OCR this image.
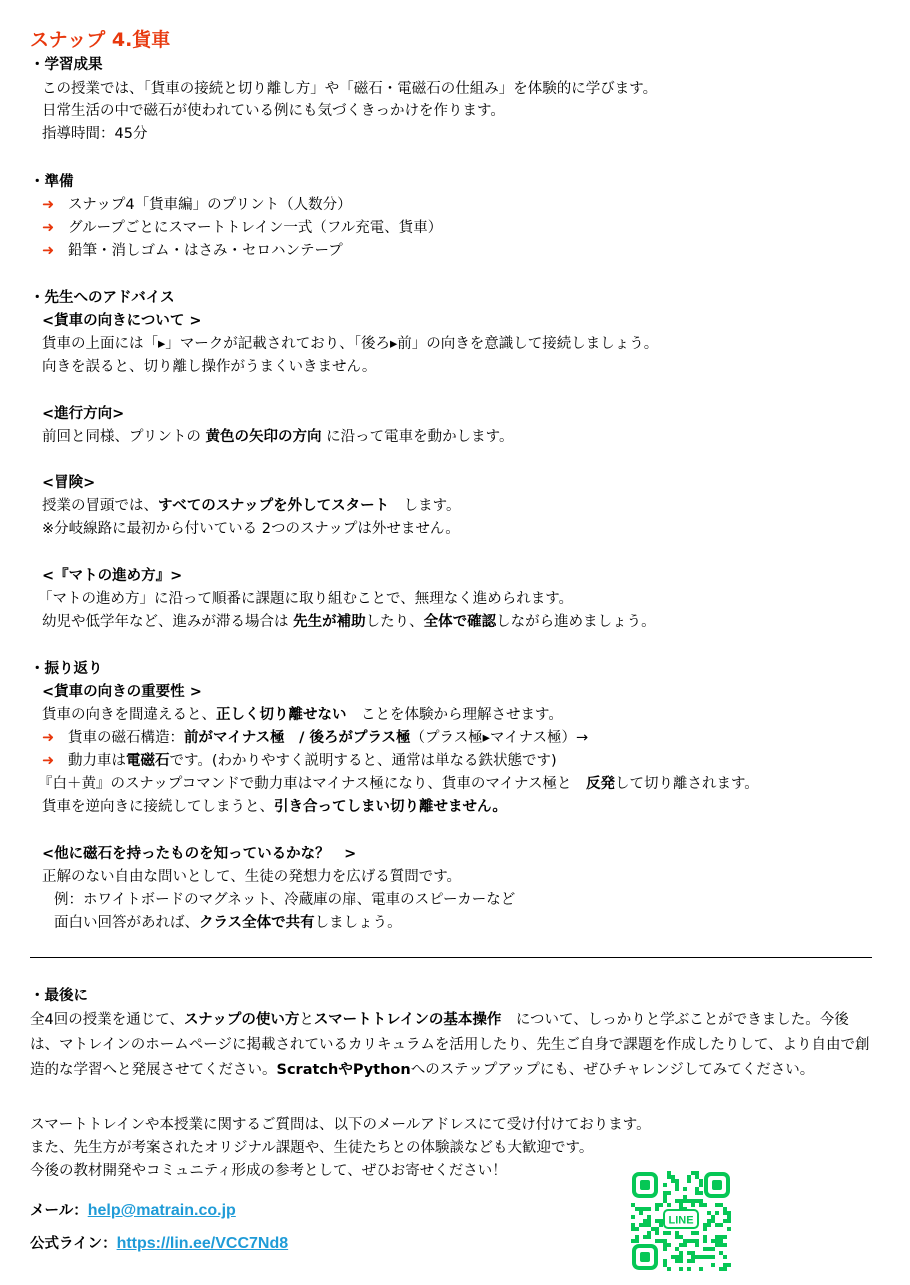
スナップ 4.貨車
・学習成果
この授業では、「貨車の接続と切り離し方」や「磁石・電磁石の仕組み」を体験的に学びます。
日常生活の中で磁石が使われている例にも気づくきっかけを作ります。
指導時間：45分
・準備
➜ スナップ4「貨車編」のプリント（人数分）
➜ グループごとにスマートトレイン一式（フル充電、貨車）
➜ 鉛筆・消しゴム・はさみ・セロハンテープ
・先生へのアドバイス
<貨車の向きについて >
貨車の上面には「▸」マークが記載されており、「後ろ▸前」の向きを意識して接続しましょう。
向きを誤ると、切り離し操作がうまくいきません。
<進行方向>
前回と同様、プリントの 黄色の矢印の方向 に沿って電車を動かします。
<冒険>
授業の冒頭では、すべてのスナップを外してスタート　します。
※分岐線路に最初から付いている 2つのスナップは外せません。
<『マトの進め方』>
「マトの進め方」に沿って順番に課題に取り組むことで、無理なく進められます。
幼児や低学年など、進みが滞る場合は 先生が補助したり、全体で確認しながら進めましょう。
・振り返り
<貨車の向きの重要性 >
貨車の向きを間違えると、正しく切り離せない　ことを体験から理解させます。
➜ 貨車の磁石構造：前がマイナス極　/ 後ろがプラス極（プラス極▸マイナス極）→
➜ 動力車は電磁石です。(わかりやすく説明すると、通常は単なる鉄状態です)
『白＋黄』のスナップコマンドで動力車はマイナス極になり、貨車のマイナス極と　反発して切り離されます。
貨車を逆向きに接続してしまうと、引き合ってしまい切り離せません。
<他に磁石を持ったものを知っているかな？　>
正解のない自由な問いとして、生徒の発想力を広げる質問です。
例：ホワイトボードのマグネット、冷蔵庫の扉、電車のスピーカーなど
面白い回答があれば、クラス全体で共有しましょう。
・最後に
全4回の授業を通じて、スナップの使い方とスマートトレインの基本操作　について、しっかりと学ぶことができました。今後は、マトレインのホームページに掲載されているカリキュラムを活用したり、先生ご自身で課題を作成したりして、より自由で創造的な学習へと発展させてください。ScratchやPythonへのステップアップにも、ぜひチャレンジしてみてください。
スマートトレインや本授業に関するご質問は、以下のメールアドレスにて受け付けております。
また、先生方が考案されたオリジナル課題や、生徒たちとの体験談なども大歓迎です。
今後の教材開発やコミュニティ形成の参考として、ぜひお寄せください！
メール：help@matrain.co.jp
公式ライン：https://lin.ee/VCC7Nd8
LINE
